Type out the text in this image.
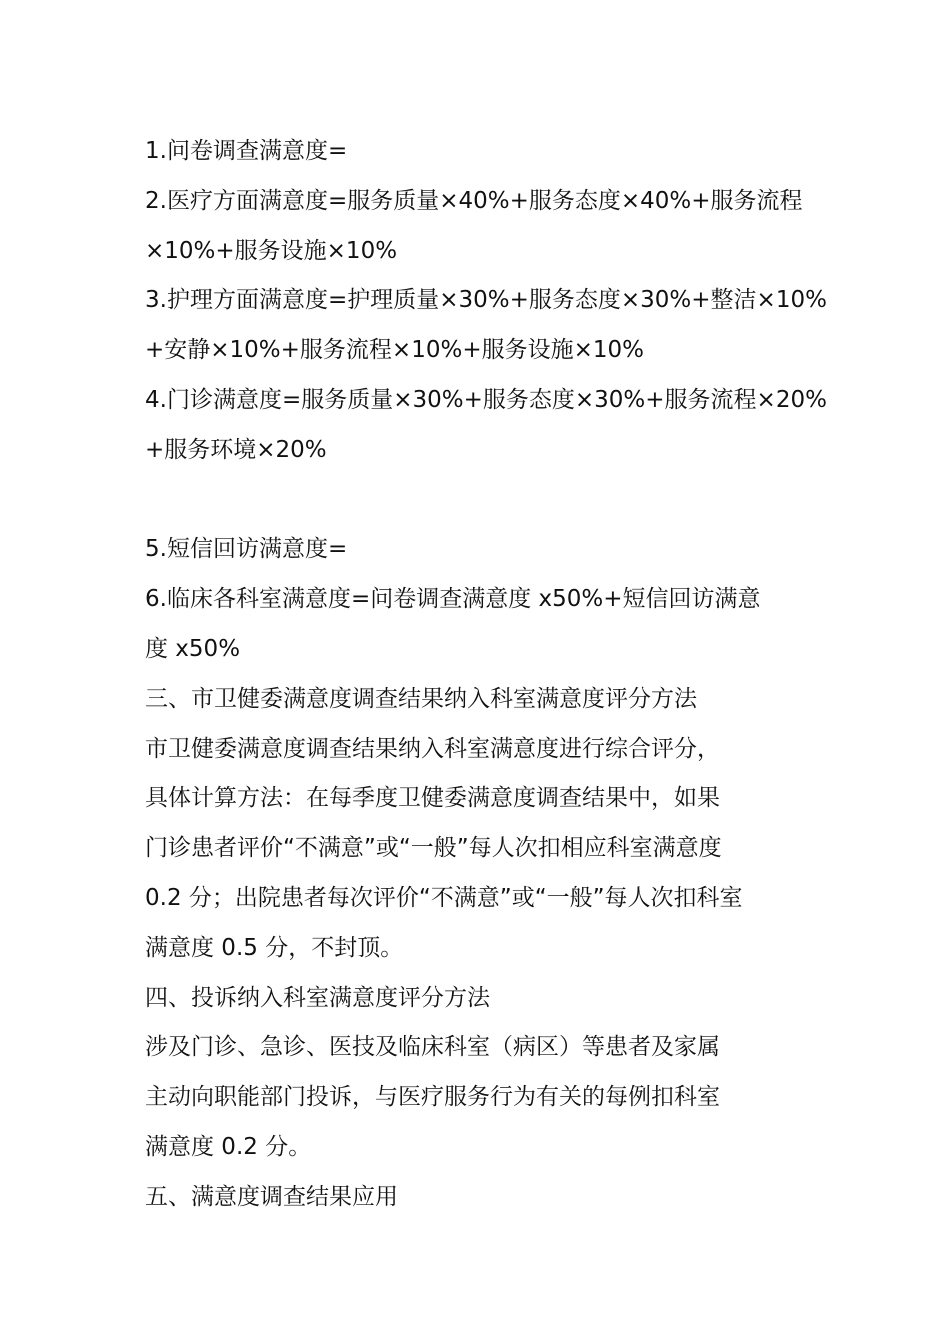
1.问卷调查满意度=
2.医疗方面满意度=服务质量×40%+服务态度×40%+服务流程
×10%+服务设施×10%
3.护理方面满意度=护理质量×30%+服务态度×30%+整洁×10%
+安静×10%+服务流程×10%+服务设施×10%
4.门诊满意度=服务质量×30%+服务态度×30%+服务流程×20%
+服务环境×20%
5.短信回访满意度=
6.临床各科室满意度=问卷调查满意度 x50%+短信回访满意
度 x50%
三、市卫健委满意度调查结果纳入科室满意度评分方法
市卫健委满意度调查结果纳入科室满意度进行综合评分，
具体计算方法：在每季度卫健委满意度调查结果中，如果
门诊患者评价“不满意”或“一般”每人次扣相应科室满意度
0.2 分；出院患者每次评价“不满意”或“一般”每人次扣科室
满意度 0.5 分，不封顶。
四、投诉纳入科室满意度评分方法
涉及门诊、急诊、医技及临床科室（病区）等患者及家属
主动向职能部门投诉，与医疗服务行为有关的每例扣科室
满意度 0.2 分。
五、满意度调查结果应用
